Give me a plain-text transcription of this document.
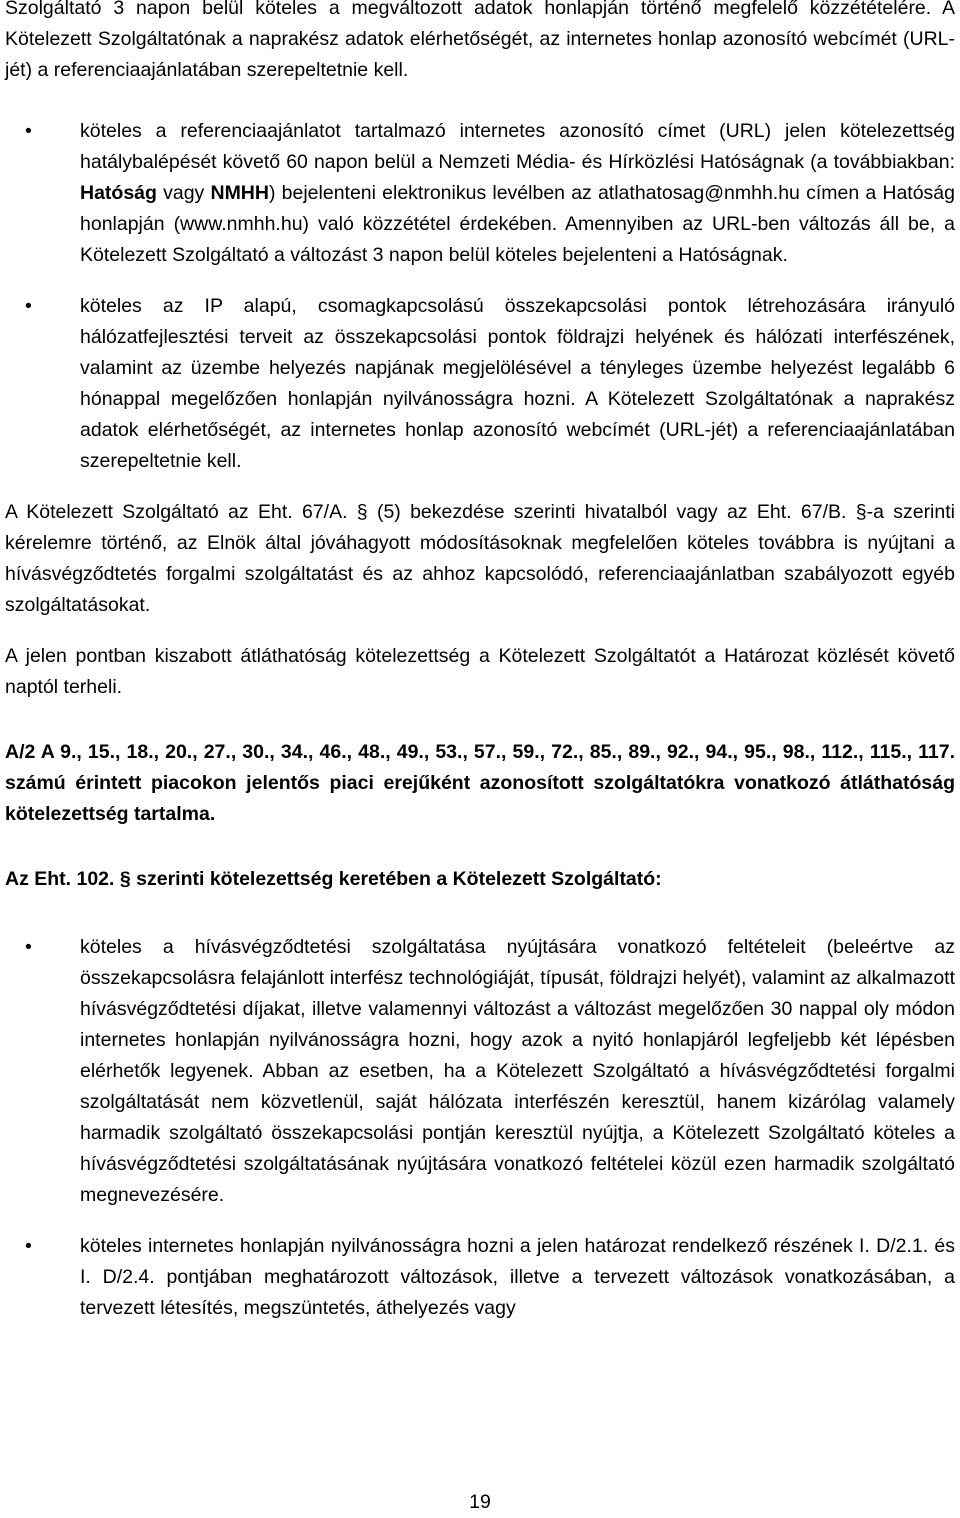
Szolgáltató 3 napon belül köteles a megváltozott adatok honlapján történő megfelelő közzétételére. A Kötelezett Szolgáltatónak a naprakész adatok elérhetőségét, az internetes honlap azonosító webcímét (URL-jét) a referenciaajánlatában szerepeltetnie kell.

• köteles a referenciaajánlatot tartalmazó internetes azonosító címet (URL) jelen kötelezettség hatálybalépését követő 60 napon belül a Nemzeti Média- és Hírközlési Hatóságnak (a továbbiakban: Hatóság vagy NMHH) bejelenteni elektronikus levélben az atlathatosag@nmhh.hu címen a Hatóság honlapján (www.nmhh.hu) való közzététel érdekében. Amennyiben az URL-ben változás áll be, a Kötelezett Szolgáltató a változást 3 napon belül köteles bejelenteni a Hatóságnak.
• köteles az IP alapú, csomagkapcsolású összekapcsolási pontok létrehozására irányuló hálózatfejlesztési terveit az összekapcsolási pontok földrajzi helyének és hálózati interfészének, valamint az üzembe helyezés napjának megjelölésével a tényleges üzembe helyezést legalább 6 hónappal megelőzően honlapján nyilvánosságra hozni. A Kötelezett Szolgáltatónak a naprakész adatok elérhetőségét, az internetes honlap azonosító webcímét (URL-jét) a referenciaajánlatában szerepeltetnie kell.

A Kötelezett Szolgáltató az Eht. 67/A. § (5) bekezdése szerinti hivatalból vagy az Eht. 67/B. §-a szerinti kérelemre történő, az Elnök által jóváhagyott módosításoknak megfelelően köteles továbbra is nyújtani a hívásvégződtetés forgalmi szolgáltatást és az ahhoz kapcsolódó, referenciaajánlatban szabályozott egyéb szolgáltatásokat.

A jelen pontban kiszabott átláthatóság kötelezettség a Kötelezett Szolgáltatót a Határozat közlését követő naptól terheli.

A/2 A 9., 15., 18., 20., 27., 30., 34., 46., 48., 49., 53., 57., 59., 72., 85., 89., 92., 94., 95., 98., 112., 115., 117. számú érintett piacokon jelentős piaci erejűként azonosított szolgáltatókra vonatkozó átláthatóság kötelezettség tartalma.

Az Eht. 102. § szerinti kötelezettség keretében a Kötelezett Szolgáltató:

• köteles a hívásvégződtetési szolgáltatása nyújtására vonatkozó feltételeit (beleértve az összekapcsolásra felajánlott interfész technológiáját, típusát, földrajzi helyét), valamint az alkalmazott hívásvégződtetési díjakat, illetve valamennyi változást a változást megelőzően 30 nappal oly módon internetes honlapján nyilvánosságra hozni, hogy azok a nyitó honlapjáról legfeljebb két lépésben elérhetők legyenek. Abban az esetben, ha a Kötelezett Szolgáltató a hívásvégződtetési forgalmi szolgáltatását nem közvetlenül, saját hálózata interfészén keresztül, hanem kizárólag valamely harmadik szolgáltató összekapcsolási pontján keresztül nyújtja, a Kötelezett Szolgáltató köteles a hívásvégződtetési szolgáltatásának nyújtására vonatkozó feltételei közül ezen harmadik szolgáltató megnevezésére.
• köteles internetes honlapján nyilvánosságra hozni a jelen határozat rendelkező részének I. D/2.1. és I. D/2.4. pontjában meghatározott változások, illetve a tervezett változások vonatkozásában, a tervezett létesítés, megszüntetés, áthelyezés vagy
19
